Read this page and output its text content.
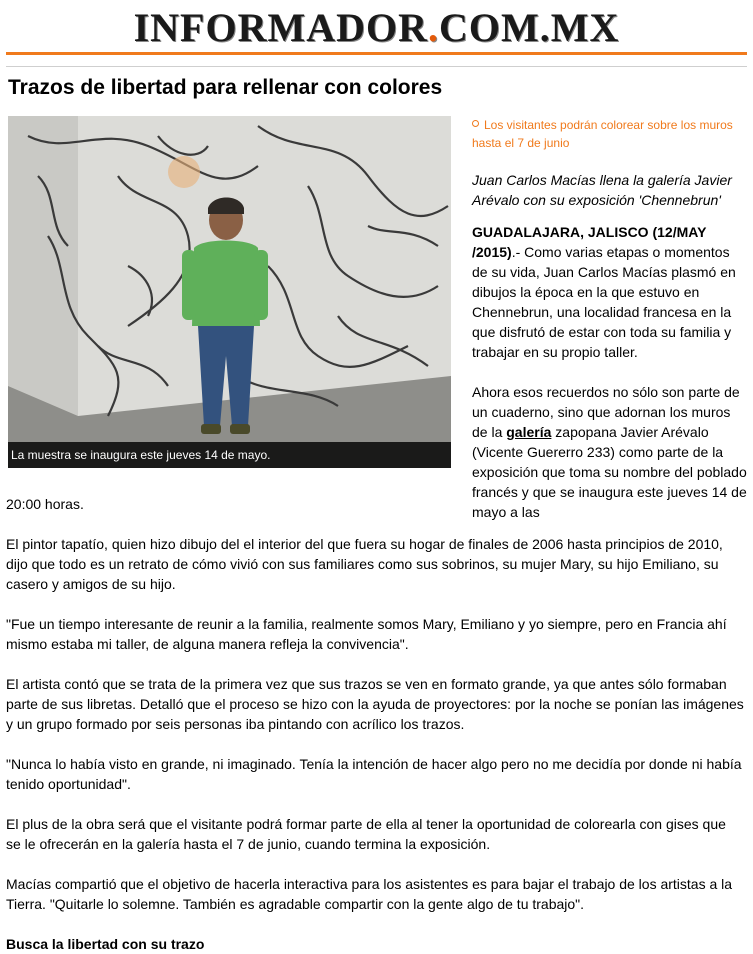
INFORMADOR.COM.MX
Trazos de libertad para rellenar con colores
La muestra se inaugura este jueves 14 de mayo.

Los visitantes podrán colorear sobre los muros hasta el 7 de junio

Juan Carlos Macías llena la galería Javier Arévalo con su exposición 'Chennebrun'

GUADALAJARA, JALISCO (12/MAY /2015).- Como varias etapas o momentos de su vida, Juan Carlos Macías plasmó en dibujos la época en la que estuvo en Chennebrun, una localidad francesa en la que disfrutó de estar con toda su familia y trabajar en su propio taller.

Ahora esos recuerdos no sólo son parte de un cuaderno, sino que adornan los muros de la galería zapopana Javier Arévalo (Vicente Guererro 233) como parte de la exposición que toma su nombre del poblado francés y que se inaugura este jueves 14 de mayo a las

20:00 horas.

El pintor tapatío, quien hizo dibujo del el interior del que fuera su hogar de finales de 2006 hasta principios de 2010, dijo que todo es un retrato de cómo vivió con sus familiares como sus sobrinos, su mujer Mary, su hijo Emiliano, su casero y amigos de su hijo.

"Fue un tiempo interesante de reunir a la familia, realmente somos Mary, Emiliano y yo siempre, pero en Francia ahí mismo estaba mi taller, de alguna manera refleja la convivencia".

El artista contó que se trata de la primera vez que sus trazos se ven en formato grande, ya que antes sólo formaban parte de sus libretas. Detalló que el proceso se hizo con la ayuda de proyectores: por la noche se ponían las imágenes y un grupo formado por seis personas iba pintando con acrílico los trazos.

"Nunca lo había visto en grande, ni imaginado. Tenía la intención de hacer algo pero no me decidía por donde ni había tenido oportunidad".

El plus de la obra será que el visitante podrá formar parte de ella al tener la oportunidad de colorearla con gises que se le ofrecerán en la galería hasta el 7 de junio, cuando termina la exposición.

Macías compartió que el objetivo de hacerla interactiva para los asistentes es para bajar el trabajo de los artistas a la Tierra. "Quitarle lo solemne. También es agradable compartir con la gente algo de tu trabajo".

Busca la libertad con su trazo
